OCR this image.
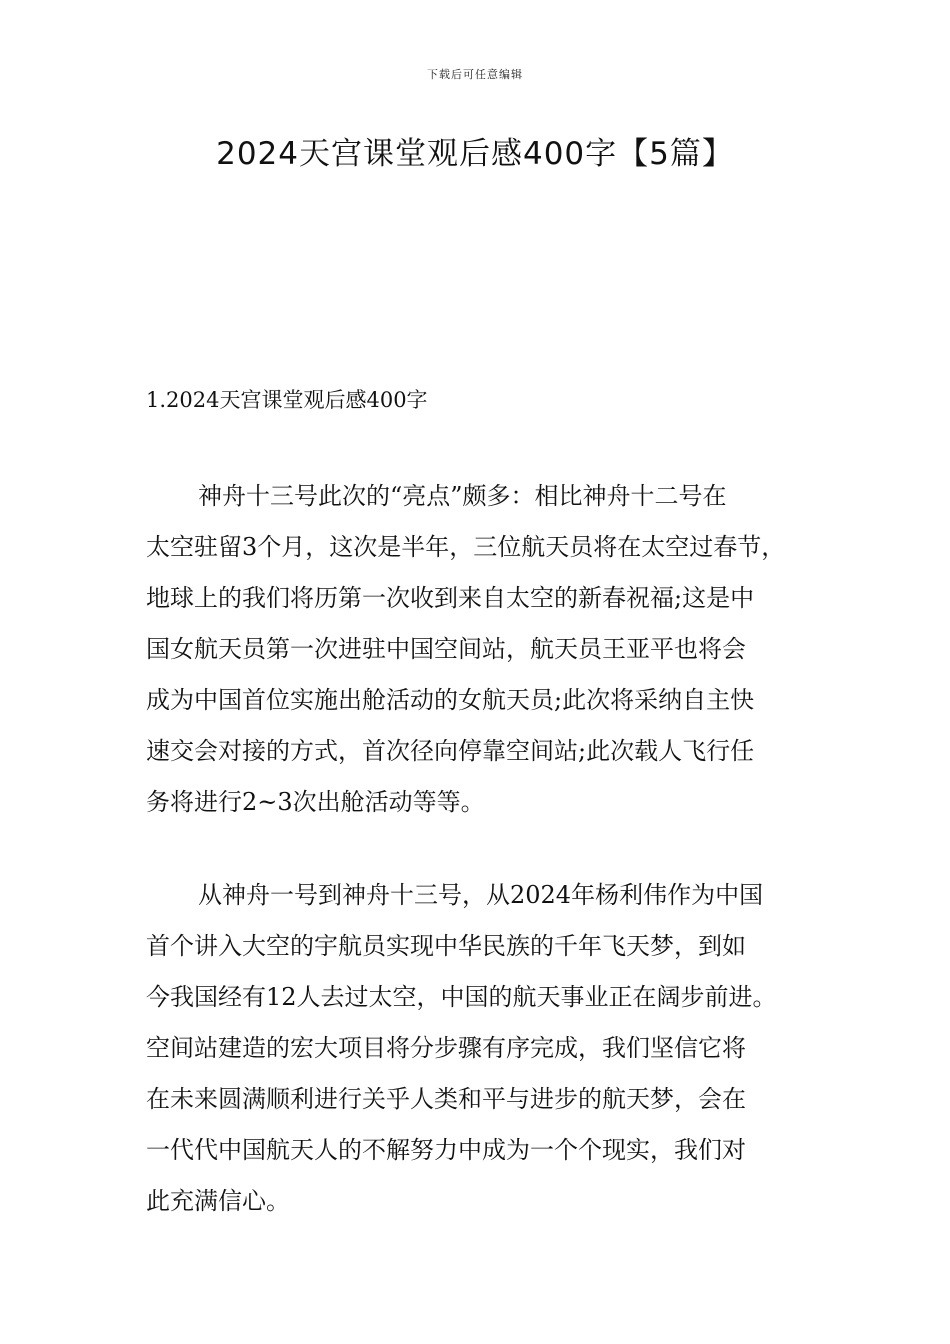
下载后可任意编辑
2024天宫课堂观后感400字【5篇】
1.2024天宫课堂观后感400字

神舟十三号此次的“亮点”颇多：相比神舟十二号在
太空驻留3个月，这次是半年，三位航天员将在太空过春节，
地球上的我们将历第一次收到来自太空的新春祝福;这是中
国女航天员第一次进驻中国空间站，航天员王亚平也将会
成为中国首位实施出舱活动的女航天员;此次将采纳自主快
速交会对接的方式，首次径向停靠空间站;此次载人飞行任
务将进行2~3次出舱活动等等。

从神舟一号到神舟十三号，从2024年杨利伟作为中国
首个讲入大空的宇航员实现中华民族的千年飞天梦，到如
今我国经有12人去过太空，中国的航天事业正在阔步前进。
空间站建造的宏大项目将分步骤有序完成，我们坚信它将
在未来圆满顺利进行关乎人类和平与进步的航天梦，会在
一代代中国航天人的不解努力中成为一个个现实，我们对
此充满信心。
